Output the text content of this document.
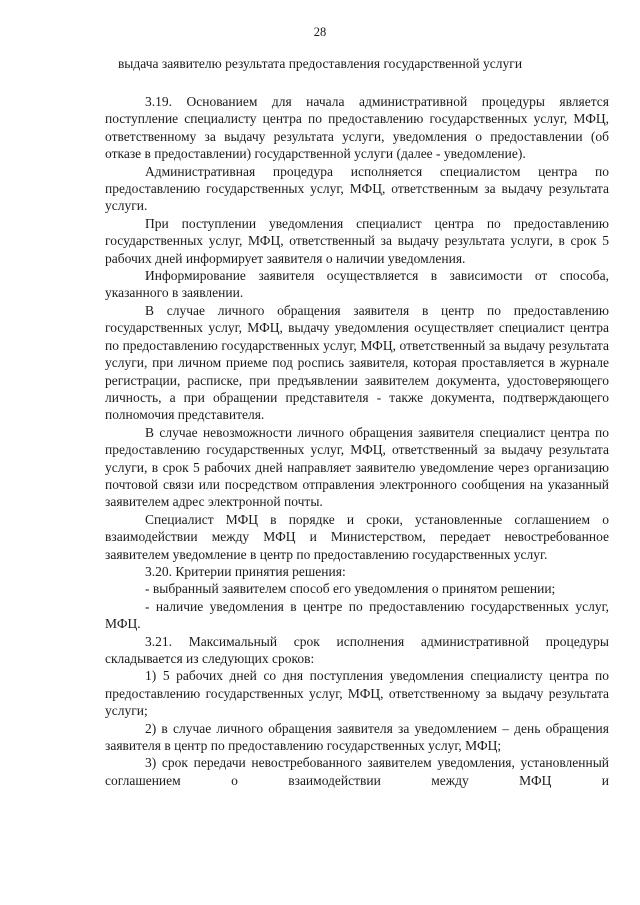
28
выдача заявителю результата предоставления государственной услуги

3.19. Основанием для начала административной процедуры является поступление специалисту центра по предоставлению государственных услуг, МФЦ, ответственному за выдачу результата услуги, уведомления о предоставлении (об отказе в предоставлении) государственной услуги (далее - уведомление).

Административная процедура исполняется специалистом центра по предоставлению государственных услуг, МФЦ, ответственным за выдачу результата услуги.

При поступлении уведомления специалист центра по предоставлению государственных услуг, МФЦ, ответственный за выдачу результата услуги, в срок 5 рабочих дней информирует заявителя о наличии уведомления.

Информирование заявителя осуществляется в зависимости от способа, указанного в заявлении.

В случае личного обращения заявителя в центр по предоставлению государственных услуг, МФЦ, выдачу уведомления осуществляет специалист центра по предоставлению государственных услуг, МФЦ, ответственный за выдачу результата услуги, при личном приеме под роспись заявителя, которая проставляется в журнале регистрации, расписке, при предъявлении заявителем документа, удостоверяющего личность, а при обращении представителя - также документа, подтверждающего полномочия представителя.

В случае невозможности личного обращения заявителя специалист центра по предоставлению государственных услуг, МФЦ, ответственный за выдачу результата услуги, в срок 5 рабочих дней направляет заявителю уведомление через организацию почтовой связи или посредством отправления электронного сообщения на указанный заявителем адрес электронной почты.

Специалист МФЦ в порядке и сроки, установленные соглашением о взаимодействии между МФЦ и Министерством, передает невостребованное заявителем уведомление в центр по предоставлению государственных услуг.

3.20. Критерии принятия решения:

- выбранный заявителем способ его уведомления о принятом решении;

- наличие уведомления в центре по предоставлению государственных услуг, МФЦ.

3.21. Максимальный срок исполнения административной процедуры складывается из следующих сроков:

1) 5 рабочих дней со дня поступления уведомления специалисту центра по предоставлению государственных услуг, МФЦ, ответственному за выдачу результата услуги;

2) в случае личного обращения заявителя за уведомлением – день обращения заявителя в центр по предоставлению государственных услуг, МФЦ;

3) срок передачи невостребованного заявителем уведомления, установленный соглашением о взаимодействии между МФЦ и
